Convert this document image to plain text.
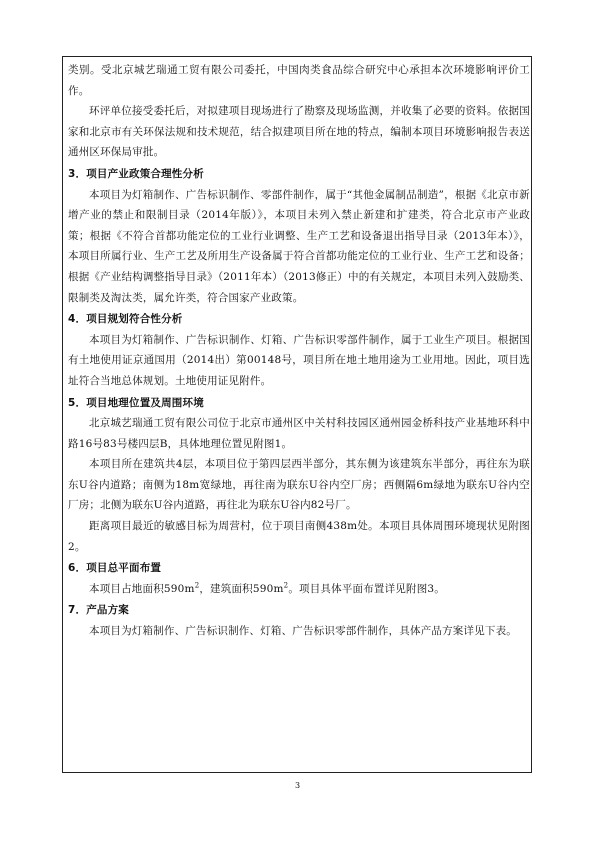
类别。受北京城艺瑞通工贸有限公司委托，中国肉类食品综合研究中心承担本次环境影响评价工作。

环评单位接受委托后，对拟建项目现场进行了勘察及现场监测，并收集了必要的资料。依据国家和北京市有关环保法规和技术规范，结合拟建项目所在地的特点，编制本项目环境影响报告表送通州区环保局审批。

3．项目产业政策合理性分析

本项目为灯箱制作、广告标识制作、零部件制作，属于“其他金属制品制造”，根据《北京市新增产业的禁止和限制目录（2014年版）》，本项目未列入禁止新建和扩建类，符合北京市产业政策；根据《不符合首都功能定位的工业行业调整、生产工艺和设备退出指导目录（2013年本）》，本项目所属行业、生产工艺及所用生产设备属于符合首都功能定位的工业行业、生产工艺和设备；根据《产业结构调整指导目录》（2011年本）（2013修正）中的有关规定，本项目未列入鼓励类、限制类及淘汰类，属允许类，符合国家产业政策。

4．项目规划符合性分析

本项目为灯箱制作、广告标识制作、灯箱、广告标识零部件制作，属于工业生产项目。根据国有土地使用证京通国用（2014出）第00148号，项目所在地土地用途为工业用地。因此，项目选址符合当地总体规划。土地使用证见附件。

5．项目地理位置及周围环境

北京城艺瑞通工贸有限公司位于北京市通州区中关村科技园区通州园金桥科技产业基地环科中路16号83号楼四层B，具体地理位置见附图1。

本项目所在建筑共4层，本项目位于第四层西半部分，其东侧为该建筑东半部分，再往东为联东U谷内道路；南侧为18m宽绿地，再往南为联东U谷内空厂房；西侧隔6m绿地为联东U谷内空厂房；北侧为联东U谷内道路，再往北为联东U谷内82号厂。

距离项目最近的敏感目标为周营村，位于项目南侧438m处。本项目具体周围环境现状见附图2。

6．项目总平面布置

本项目占地面积$590m^2$，建筑面积$590m^2$。项目具体平面布置详见附图3。

7．产品方案

本项目为灯箱制作、广告标识制作、灯箱、广告标识零部件制作，具体产品方案详见下表。

3
